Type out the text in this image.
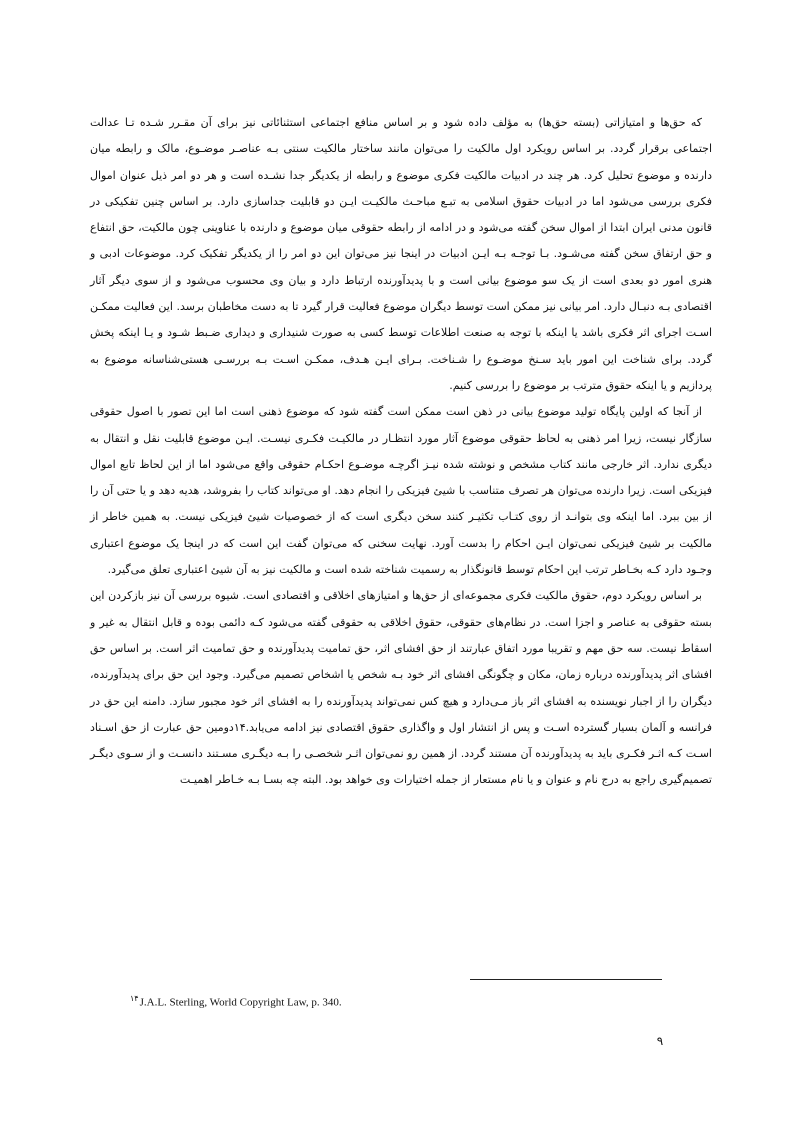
که حق‌ها و امتیازاتی (بسته حق‌ها) به مؤلف داده شود و بر اساس منافع اجتماعی استثنائاتی نیز برای آن مقـرر شـده تـا عدالت اجتماعی برقرار گردد. بر اساس رویکرد اول مالکیت را می‌توان مانند ساختار مالکیت سنتی بـه عناصـر موضـوع، مالک و رابطه میان دارنده و موضوع تحلیل کرد. هر چند در ادبیات مالکیت فکری موضوع و رابطه از یکدیگر جدا نشـده است و هر دو امر ذیل عنوان اموال فکری بررسی می‌شود اما در ادبیات حقوق اسلامی به تبـع مباحـث مالکیـت ایـن دو قابلیت جداسازی دارد. بر اساس چنین تفکیکی در قانون مدنی ایران ابتدا از اموال سخن گفته می‌شود و در ادامه از رابطه حقوقی میان موضوع و دارنده با عناوینی چون مالکیت، حق انتفاع و حق ارتفاق سخن گفته می‌شـود. بـا توجـه بـه ایـن ادبیات در اینجا نیز می‌توان این دو امر را از یکدیگر تفکیک کرد. موضوعات ادبی و هنری امور دو بعدی است از یک سو موضوع بیانی است و با پدیدآورنده ارتباط دارد و بیان وی محسوب می‌شود و از سوی دیگر آثار اقتصادی بـه دنبـال دارد. امر بیانی نیز ممکن است توسط دیگران موضوع فعالیت قرار گیرد تا به دست مخاطبان برسد. این فعالیت ممکـن اسـت اجرای اثر فکری باشد یا اینکه با توجه به صنعت اطلاعات توسط کسی به صورت شنیداری و دیداری ضـبط شـود و یـا اینکه پخش گردد. برای شناخت این امور باید سـنخ موضـوع را شـناخت. بـرای ایـن هـدف، ممکـن اسـت بـه بررسـی هستی‌شناسانه موضوع به پردازیم و یا اینکه حقوق مترتب بر موضوع را بررسی کنیم.

از آنجا که اولین پایگاه تولید موضوع بیانی در ذهن است ممکن است گفته شود که موضوع ذهنی است اما این تصور با اصول حقوقی سازگار نیست، زیرا امر ذهنی به لحاظ حقوقی موضوع آثار مورد انتظـار در مالکیـت فکـری نیسـت. ایـن موضوع قابلیت نقل و انتقال به دیگری ندارد. اثر خارجی مانند کتاب مشخص و نوشته شده نیـز اگرچـه موضـوع احکـام حقوقی واقع می‌شود اما از این لحاظ تابع اموال فیزیکی است. زیرا دارنده می‌توان هر تصرف متناسب با شیئ فیزیکی را انجام دهد. او می‌تواند کتاب را بفروشد، هدیه دهد و یا حتی آن را از بین ببرد. اما اینکه وی بتوانـد از روی کتـاب تکثیـر کنند سخن دیگری است که از خصوصیات شیئ فیزیکی نیست. به همین خاطر از مالکیت بر شیئ فیزیکی نمی‌توان ایـن احکام را بدست آورد. نهایت سخنی که می‌توان گفت این است که در اینجا یک موضوع اعتباری وجـود دارد کـه بخـاطر ترتب این احکام توسط قانونگذار به رسمیت شناخته شده است و مالکیت نیز به آن شیئ اعتباری تعلق می‌گیرد.

بر اساس رویکرد دوم، حقوق مالکیت فکری مجموعه‌ای از حق‌ها و امتیازهای اخلاقی و اقتصادی است. شیوه بررسی آن نیز بازکردن این بسته حقوقی به عناصر و اجزا است. در نظام‌های حقوقی، حقوق اخلاقی به حقوقی گفته می‌شود کـه دائمی بوده و قابل انتقال به غیر و اسقاط نیست. سه حق مهم و تقریبا مورد اتفاق عبارتند از حق افشای اثر، حق تمامیت پدیدآورنده و حق تمامیت اثر است. بر اساس حق افشای اثر پدیدآورنده درباره زمان، مکان و چگونگی افشای اثر خود بـه شخص یا اشخاص تصمیم می‌گیرد. وجود این حق برای پدیدآورنده، دیگران را از اجبار نویسنده به افشای اثر باز مـی‌دارد و هیچ کس نمی‌تواند پدیدآورنده را به افشای اثر خود مجبور سازد. دامنه این حق در فرانسه و آلمان بسیار گسترده اسـت و پس از انتشار اول و واگذاری حقوق اقتصادی نیز ادامه می‌یابد.۱۴دومین حق عبارت از حق اسـناد اسـت کـه اثـر فکـری باید به پدیدآورنده آن مستند گردد. از همین رو نمی‌توان اثـر شخصـی را بـه دیگـری مسـتند دانسـت و از سـوی دیگـر تصمیم‌گیری راجع به درج نام و عنوان و یا نام مستعار از جمله اختیارات وی خواهد بود. البته چه بسـا بـه خـاطر اهمیـت

$^{۱۴}$J.A.L. Sterling, World Copyright Law, p. 340.
۹
